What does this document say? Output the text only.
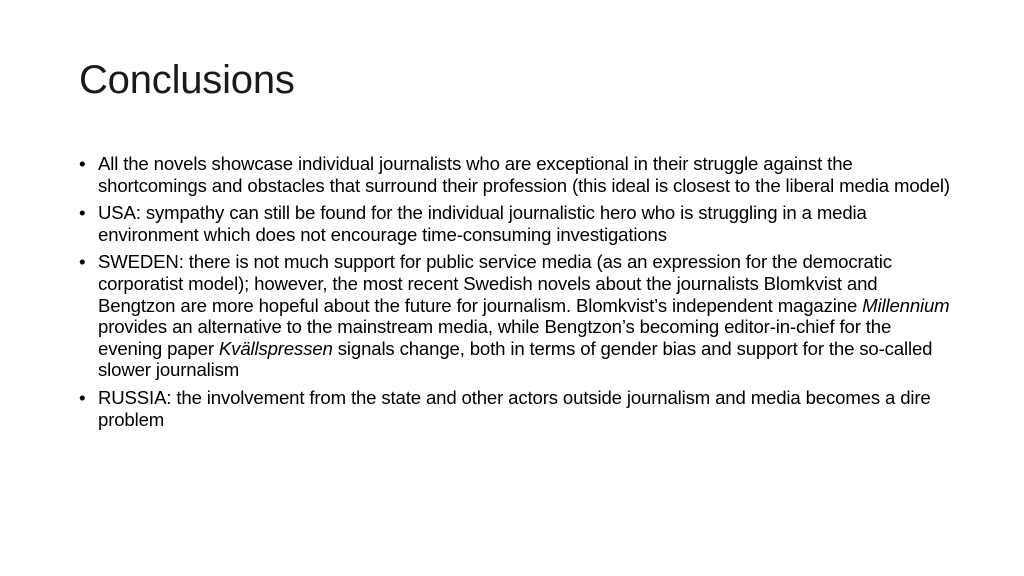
Conclusions
• All the novels showcase individual journalists who are exceptional in their struggle against the shortcomings and obstacles that surround their profession (this ideal is closest to the liberal media model)
• USA: sympathy can still be found for the individual journalistic hero who is struggling in a media environment which does not encourage time-consuming investigations
• SWEDEN: there is not much support for public service media (as an expression for the democratic corporatist model); however, the most recent Swedish novels about the journalists Blomkvist and Bengtzon are more hopeful about the future for journalism. Blomkvist’s independent magazine Millennium provides an alternative to the mainstream media, while Bengtzon’s becoming editor-in-chief for the evening paper Kvällspressen signals change, both in terms of gender bias and support for the so-called slower journalism
• RUSSIA: the involvement from the state and other actors outside journalism and media becomes a dire problem
